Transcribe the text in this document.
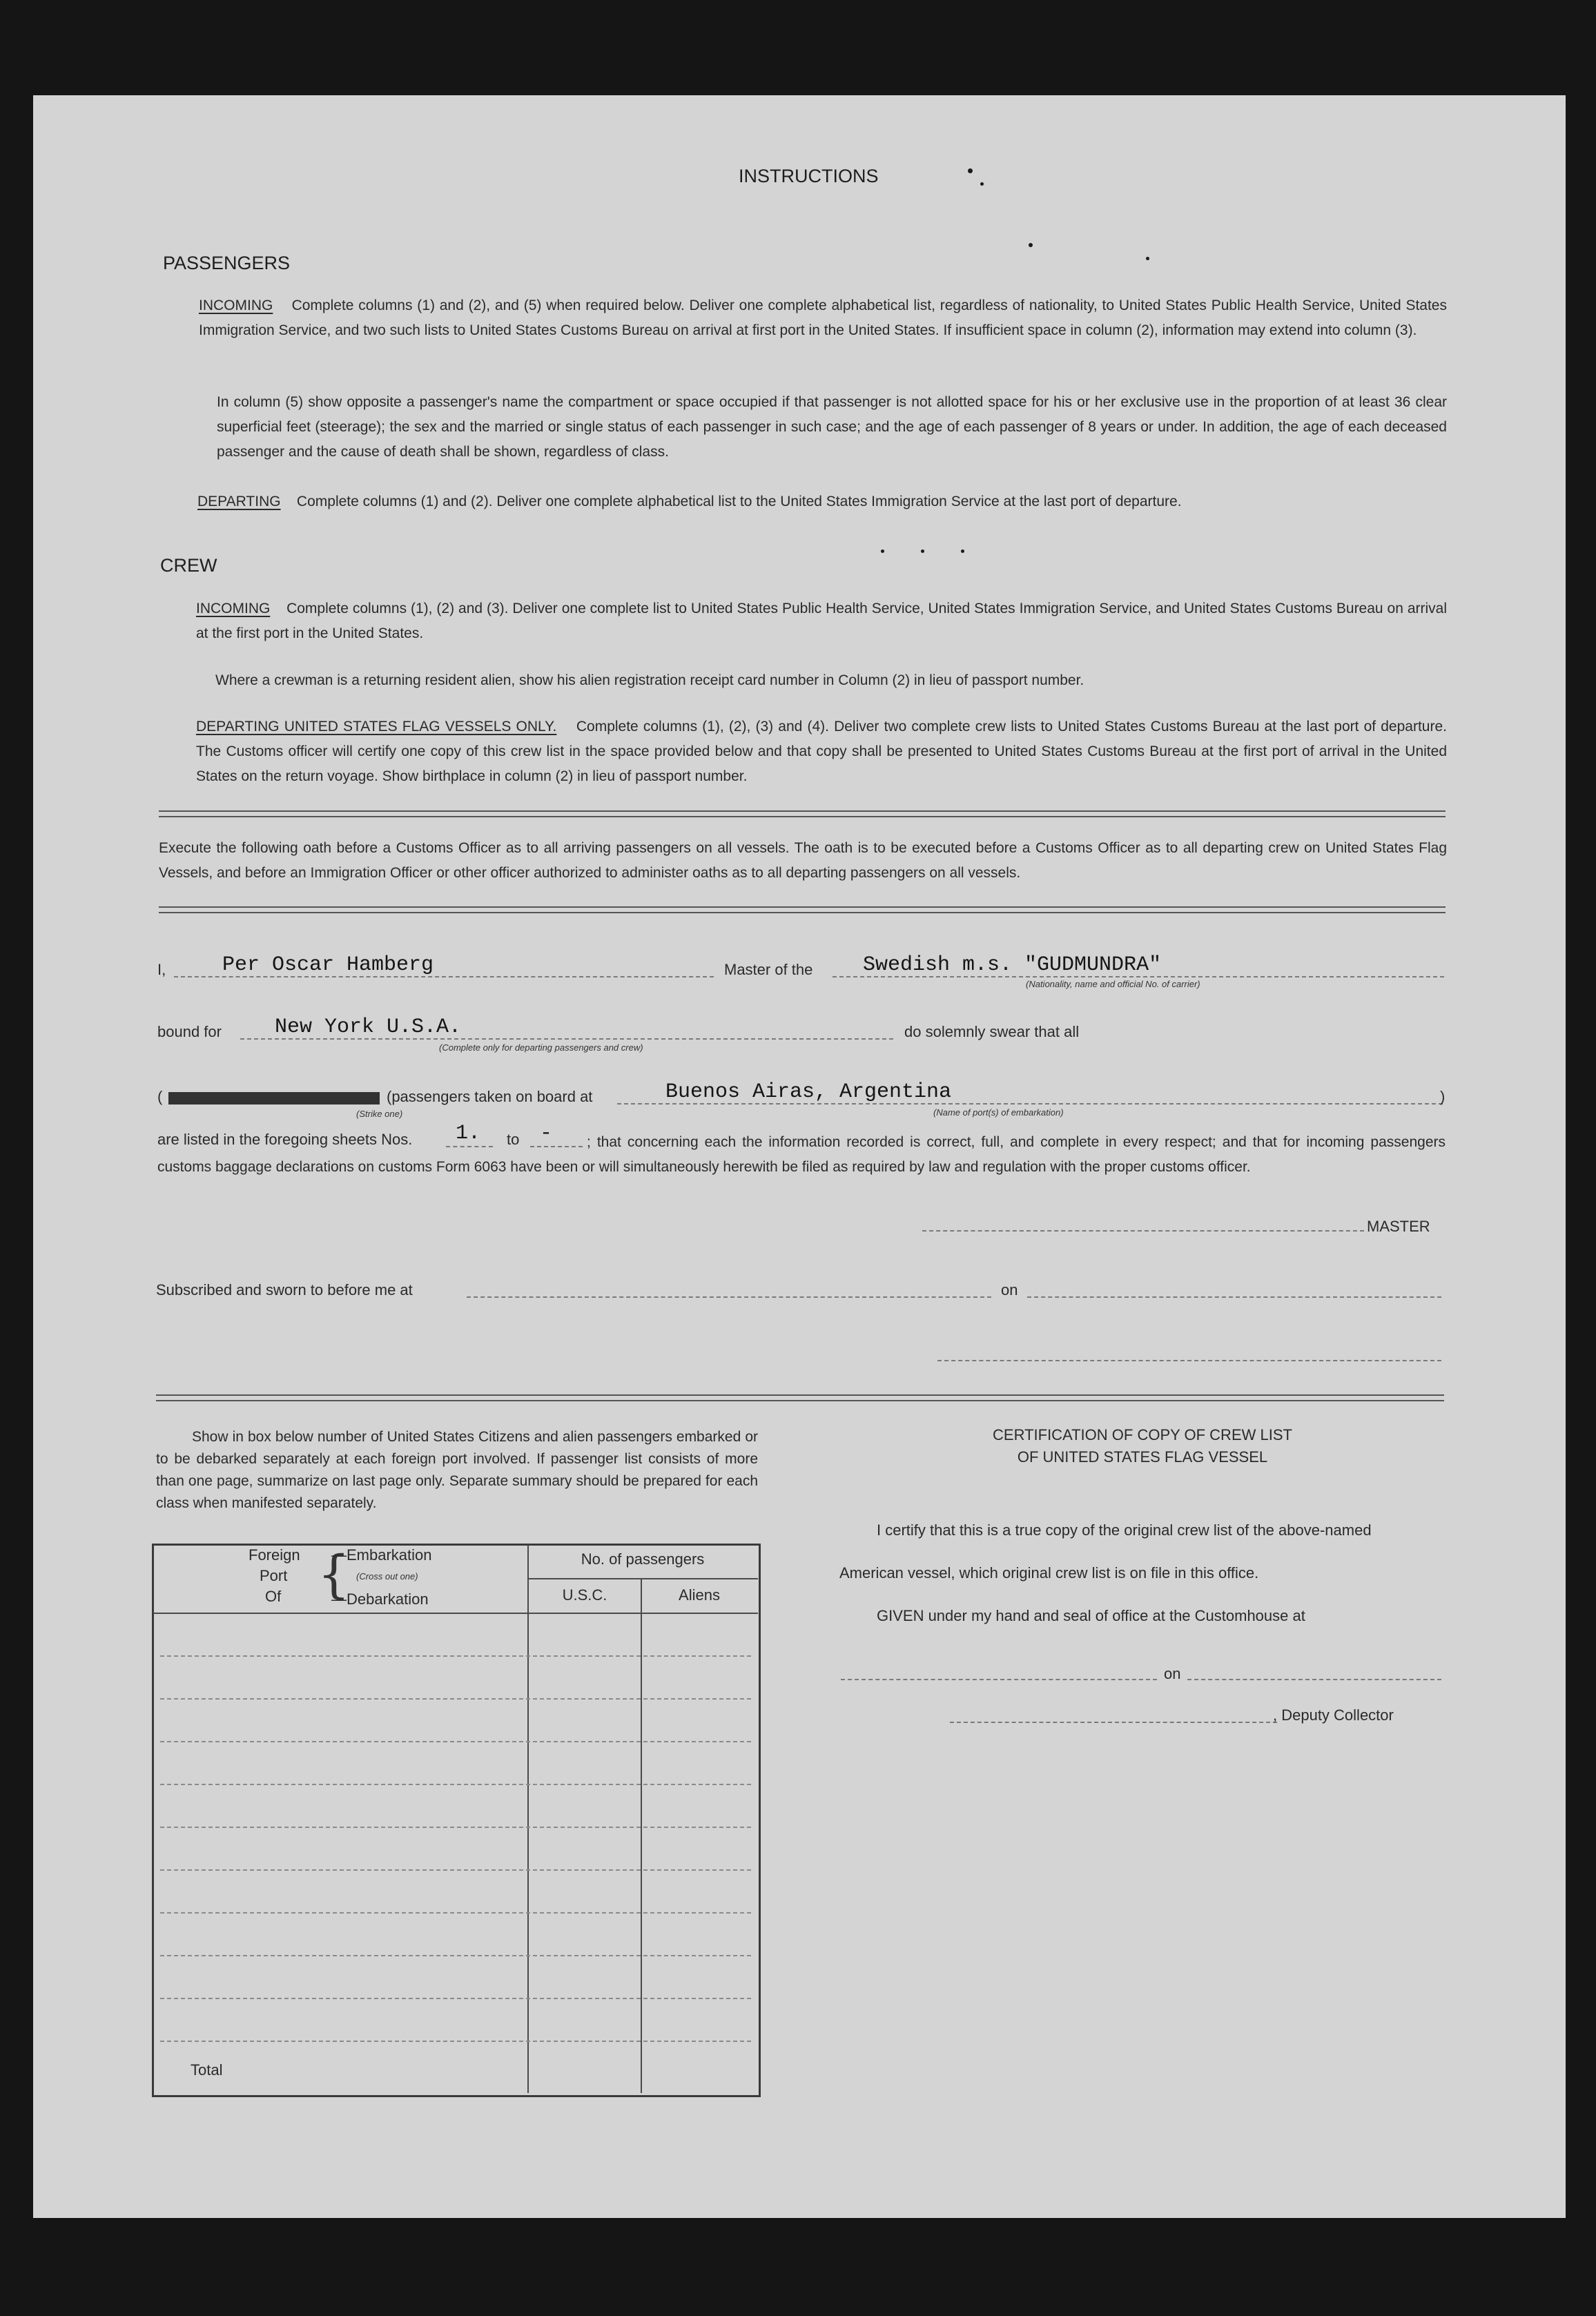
INSTRUCTIONS
PASSENGERS
INCOMING Complete columns (1) and (2), and (5) when required below. Deliver one complete alphabetical list, regardless of nationality, to United States Public Health Service, United States Immigration Service, and two such lists to United States Customs Bureau on arrival at first port in the United States. If insufficient space in column (2), information may extend into column (3).
In column (5) show opposite a passenger's name the compartment or space occupied if that passenger is not allotted space for his or her exclusive use in the proportion of at least 36 clear superficial feet (steerage); the sex and the married or single status of each passenger in such case; and the age of each passenger of 8 years or under. In addition, the age of each deceased passenger and the cause of death shall be shown, regardless of class.
DEPARTING Complete columns (1) and (2). Deliver one complete alphabetical list to the United States Immigration Service at the last port of departure.
CREW
INCOMING Complete columns (1), (2) and (3). Deliver one complete list to United States Public Health Service, United States Immigration Service, and United States Customs Bureau on arrival at the first port in the United States.
Where a crewman is a returning resident alien, show his alien registration receipt card number in Column (2) in lieu of passport number.
DEPARTING UNITED STATES FLAG VESSELS ONLY. Complete columns (1), (2), (3) and (4). Deliver two complete crew lists to United States Customs Bureau at the last port of departure. The Customs officer will certify one copy of this crew list in the space provided below and that copy shall be presented to United States Customs Bureau at the first port of arrival in the United States on the return voyage. Show birthplace in column (2) in lieu of passport number.
Execute the following oath before a Customs Officer as to all arriving passengers on all vessels. The oath is to be executed before a Customs Officer as to all departing crew on United States Flag Vessels, and before an Immigration Officer or other officer authorized to administer oaths as to all departing passengers on all vessels.
I,	Per Oscar Hamberg	Master of the Swedish m.s. "GUDMUNDRA"
(Nationality, name and official No. of carrier)
bound for	New York U.S.A.
(Complete only for departing passengers and crew)
do solemnly swear that all
(
(Strike one)
(passengers taken on board at	Buenos Airas, Argentina
(Name of port(s) of embarkation)
)
are listed in the foregoing sheets Nos. 1. to -	; that concerning each the information recorded is correct, full, and complete in every respect; and that for incoming passengers customs baggage declarations on customs Form 6063 have been or will simultaneously herewith be filed as required by law and regulation with the proper customs officer.
MASTER
Subscribed and sworn to before me at	on
Show in box below number of United States Citizens and alien passengers embarked or to be debarked separately at each foreign port involved. If passenger list consists of more than one page, summarize on last page only. Separate summary should be prepared for each class when manifested separately.
Foreign
Port
Of {
—Embarkation
(Cross out one)
—Debarkation
No. of passengers
U.S.C.	Aliens
Total
CERTIFICATION OF COPY OF CREW LIST
OF UNITED STATES FLAG VESSEL
I certify that this is a true copy of the original crew list of the above-named
American vessel, which original crew list is on file in this office.
GIVEN under my hand and seal of office at the Customhouse at
on
, Deputy Collector
